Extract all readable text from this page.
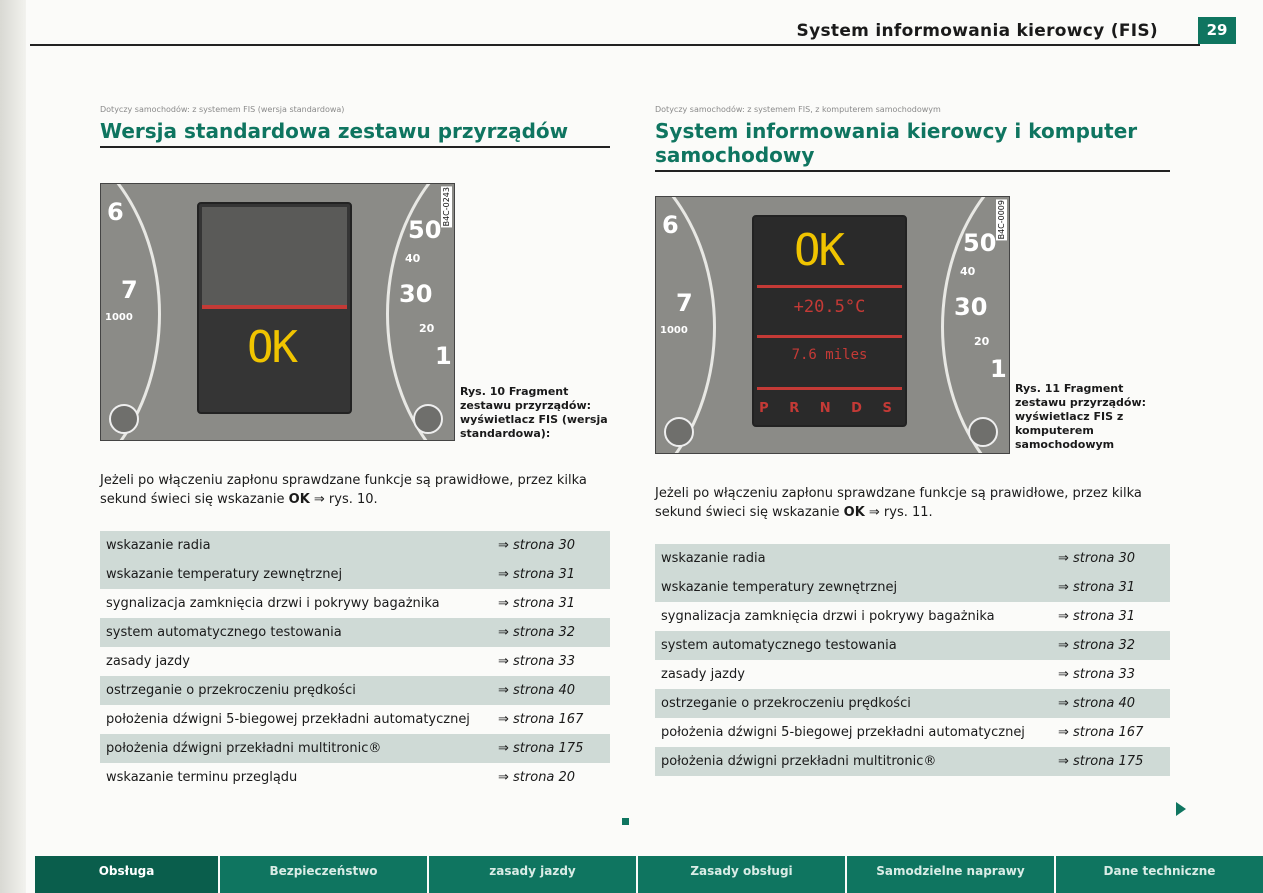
System informowania kierowcy (FIS)	29
Dotyczy samochodów: z systemem FIS (wersja standardowa)
Wersja standardowa zestawu przyrządów
6
7
1000
50
40
30
20
1
OK
B4C-0243
Rys. 10 Fragment zestawu przyrządów: wyświetlacz FIS (wersja standardowa):

Jeżeli po włączeniu zapłonu sprawdzane funkcje są prawidłowe, przez kilka sekund świeci się wskazanie OK ⇒ rys. 10.

wskazanie radia	⇒ strona 30
wskazanie temperatury zewnętrznej	⇒ strona 31
sygnalizacja zamknięcia drzwi i pokrywy bagażnika	⇒ strona 31
system automatycznego testowania	⇒ strona 32
zasady jazdy	⇒ strona 33
ostrzeganie o przekroczeniu prędkości	⇒ strona 40
położenia dźwigni 5-biegowej przekładni automatycznej	⇒ strona 167
położenia dźwigni przekładni multitronic®	⇒ strona 175
wskazanie terminu przeglądu	⇒ strona 20
Dotyczy samochodów: z systemem FIS, z komputerem samochodowym
System informowania kierowcy i komputer samochodowy
6
7
1000
50
40
30
20
1
OK
+20.5°C
7.6 miles
P R N D S
B4C-0009
Rys. 11 Fragment zestawu przyrządów: wyświetlacz FIS z komputerem samochodowym

Jeżeli po włączeniu zapłonu sprawdzane funkcje są prawidłowe, przez kilka sekund świeci się wskazanie OK ⇒ rys. 11.

wskazanie radia	⇒ strona 30
wskazanie temperatury zewnętrznej	⇒ strona 31
sygnalizacja zamknięcia drzwi i pokrywy bagażnika	⇒ strona 31
system automatycznego testowania	⇒ strona 32
zasady jazdy	⇒ strona 33
ostrzeganie o przekroczeniu prędkości	⇒ strona 40
położenia dźwigni 5-biegowej przekładni automatycznej	⇒ strona 167
położenia dźwigni przekładni multitronic®	⇒ strona 175
Obsługa	Bezpieczeństwo	zasady jazdy	Zasady obsługi	Samodzielne naprawy	Dane techniczne
